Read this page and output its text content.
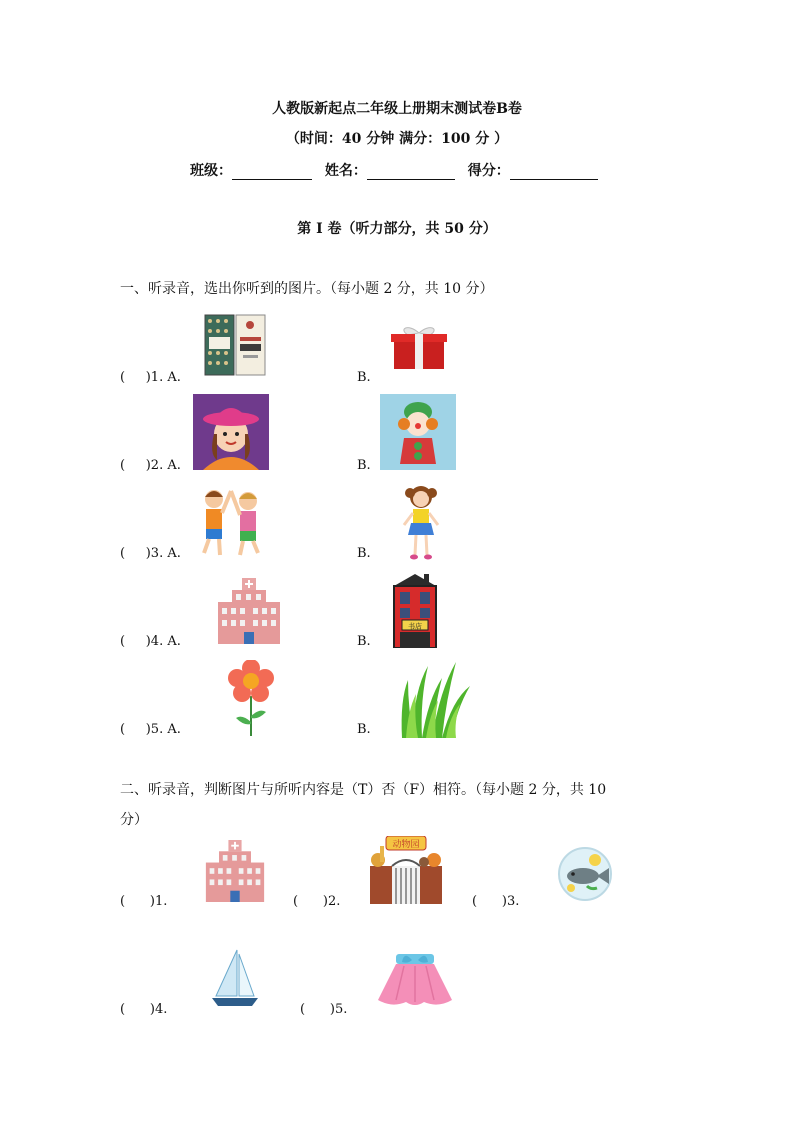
人教版新起点二年级上册期末测试卷B卷
（时间：40 分钟 满分：100 分 ）
班级：	姓名：	得分：
第 I 卷（听力部分，共 50 分）
一、听录音，选出你听到的图片。（每小题 2 分，共 10 分）
(     )1. A.	B.
(     )2. A.	B.
(     )3. A.	B.
(     )4. A.	B.
(     )5. A.	B.
书店
二、听录音，判断图片与所听内容是（T）否（F）相符。（每小题 2 分，共 10
分）
(      )1.	(      )2.	(      )3.
(      )4.	(      )5.
动物园
